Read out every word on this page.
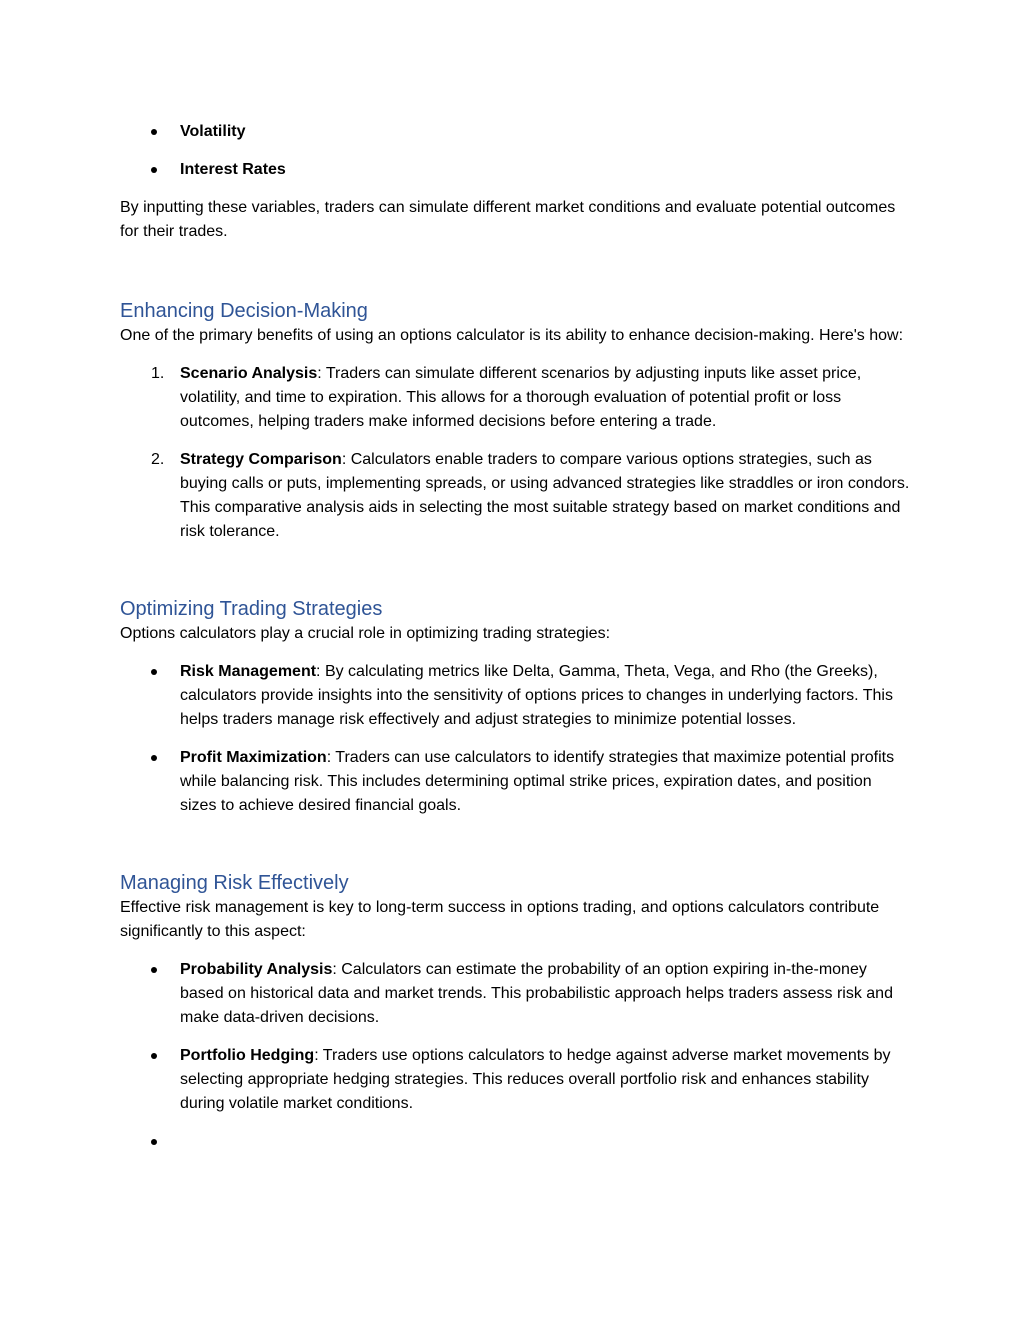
Volatility
Interest Rates

By inputting these variables, traders can simulate different market conditions and evaluate potential outcomes for their trades.

Enhancing Decision-Making

One of the primary benefits of using an options calculator is its ability to enhance decision-making. Here's how:

1. Scenario Analysis: Traders can simulate different scenarios by adjusting inputs like asset price, volatility, and time to expiration. This allows for a thorough evaluation of potential profit or loss outcomes, helping traders make informed decisions before entering a trade.
2. Strategy Comparison: Calculators enable traders to compare various options strategies, such as buying calls or puts, implementing spreads, or using advanced strategies like straddles or iron condors. This comparative analysis aids in selecting the most suitable strategy based on market conditions and risk tolerance.
Optimizing Trading Strategies

Options calculators play a crucial role in optimizing trading strategies:

Risk Management: By calculating metrics like Delta, Gamma, Theta, Vega, and Rho (the Greeks), calculators provide insights into the sensitivity of options prices to changes in underlying factors. This helps traders manage risk effectively and adjust strategies to minimize potential losses.
Profit Maximization: Traders can use calculators to identify strategies that maximize potential profits while balancing risk. This includes determining optimal strike prices, expiration dates, and position sizes to achieve desired financial goals.
Managing Risk Effectively

Effective risk management is key to long-term success in options trading, and options calculators contribute significantly to this aspect:

Probability Analysis: Calculators can estimate the probability of an option expiring in-the-money based on historical data and market trends. This probabilistic approach helps traders assess risk and make data-driven decisions.
Portfolio Hedging: Traders use options calculators to hedge against adverse market movements by selecting appropriate hedging strategies. This reduces overall portfolio risk and enhances stability during volatile market conditions.
